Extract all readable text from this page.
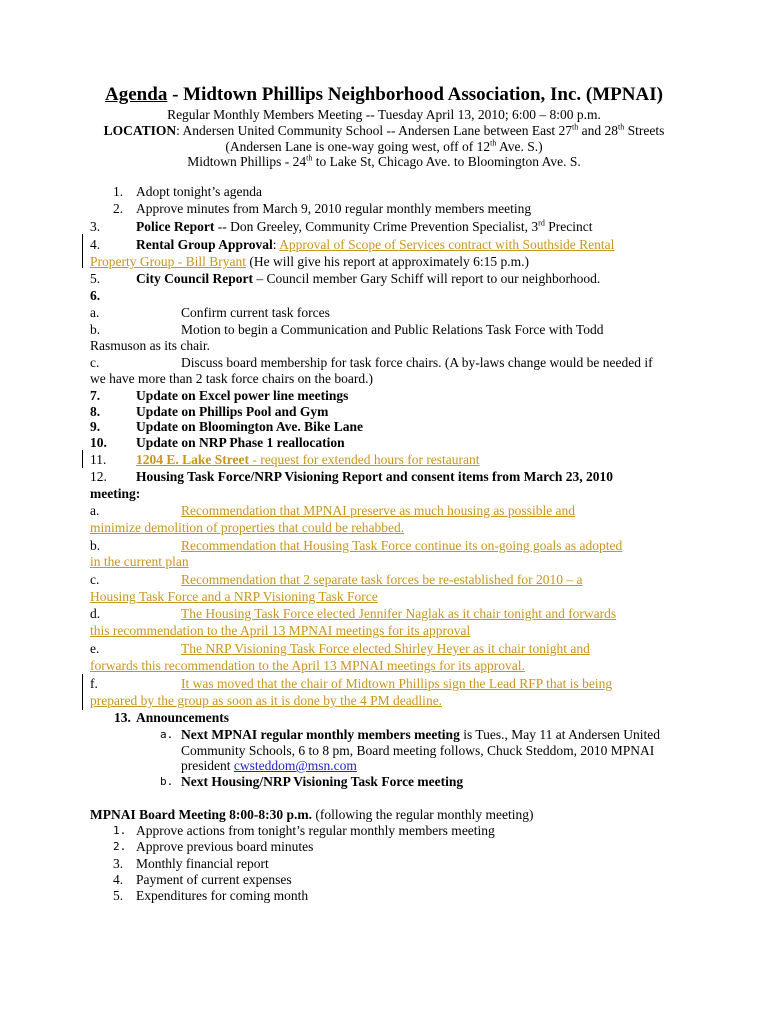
Agenda - Midtown Phillips Neighborhood Association, Inc. (MPNAI)
Regular Monthly Members Meeting -- Tuesday April 13, 2010; 6:00 – 8:00 p.m.
LOCATION: Andersen United Community School -- Andersen Lane between East 27th and 28th Streets
(Andersen Lane is one-way going west, off of 12th Ave. S.)
Midtown Phillips - 24th to Lake St, Chicago Ave. to Bloomington Ave. S.
1. Adopt tonight’s agenda
2. Approve minutes from March 9, 2010 regular monthly members meeting
3.	Police Report -- Don Greeley, Community Crime Prevention Specialist, 3rd Precinct
4.	Rental Group Approval: Approval of Scope of Services contract with Southside Rental
Property Group - Bill Bryant (He will give his report at approximately 6:15 p.m.)
5.	City Council Report – Council member Gary Schiff will report to our neighborhood.
6.
a.	Confirm current task forces
b.	Motion to begin a Communication and Public Relations Task Force with Todd
Rasmuson as its chair.
c.	Discuss board membership for task force chairs. (A by-laws change would be needed if
we have more than 2 task force chairs on the board.)
7.	Update on Excel power line meetings
8.	Update on Phillips Pool and Gym
9.	Update on Bloomington Ave. Bike Lane
10. Update on NRP Phase 1 reallocation
11. 1204 E. Lake Street - request for extended hours for restaurant
12. Housing Task Force/NRP Visioning Report and consent items from March 23, 2010
meeting:
a.	Recommendation that MPNAI preserve as much housing as possible and
minimize demolition of properties that could be rehabbed.
b.	Recommendation that Housing Task Force continue its on-going goals as adopted
in the current plan
c.	Recommendation that 2 separate task forces be re-established for 2010 – a
Housing Task Force and a NRP Visioning Task Force
d.	The Housing Task Force elected Jennifer Naglak as it chair tonight and forwards
this recommendation to the April 13 MPNAI meetings for its approval
e.	The NRP Visioning Task Force elected Shirley Heyer as it chair tonight and
forwards this recommendation to the April 13 MPNAI meetings for its approval.
f.	It was moved that the chair of Midtown Phillips sign the Lead RFP that is being
prepared by the group as soon as it is done by the 4 PM deadline.
13. Announcements
a. Next MPNAI regular monthly members meeting is Tues., May 11 at Andersen United
Community Schools, 6 to 8 pm, Board meeting follows, Chuck Steddom, 2010 MPNAI
president cwsteddom@msn.com
b. Next Housing/NRP Visioning Task Force meeting
MPNAI Board Meeting 8:00-8:30 p.m. (following the regular monthly meeting)
1. Approve actions from tonight’s regular monthly members meeting
2. Approve previous board minutes
3. Monthly financial report
4. Payment of current expenses
5. Expenditures for coming month
